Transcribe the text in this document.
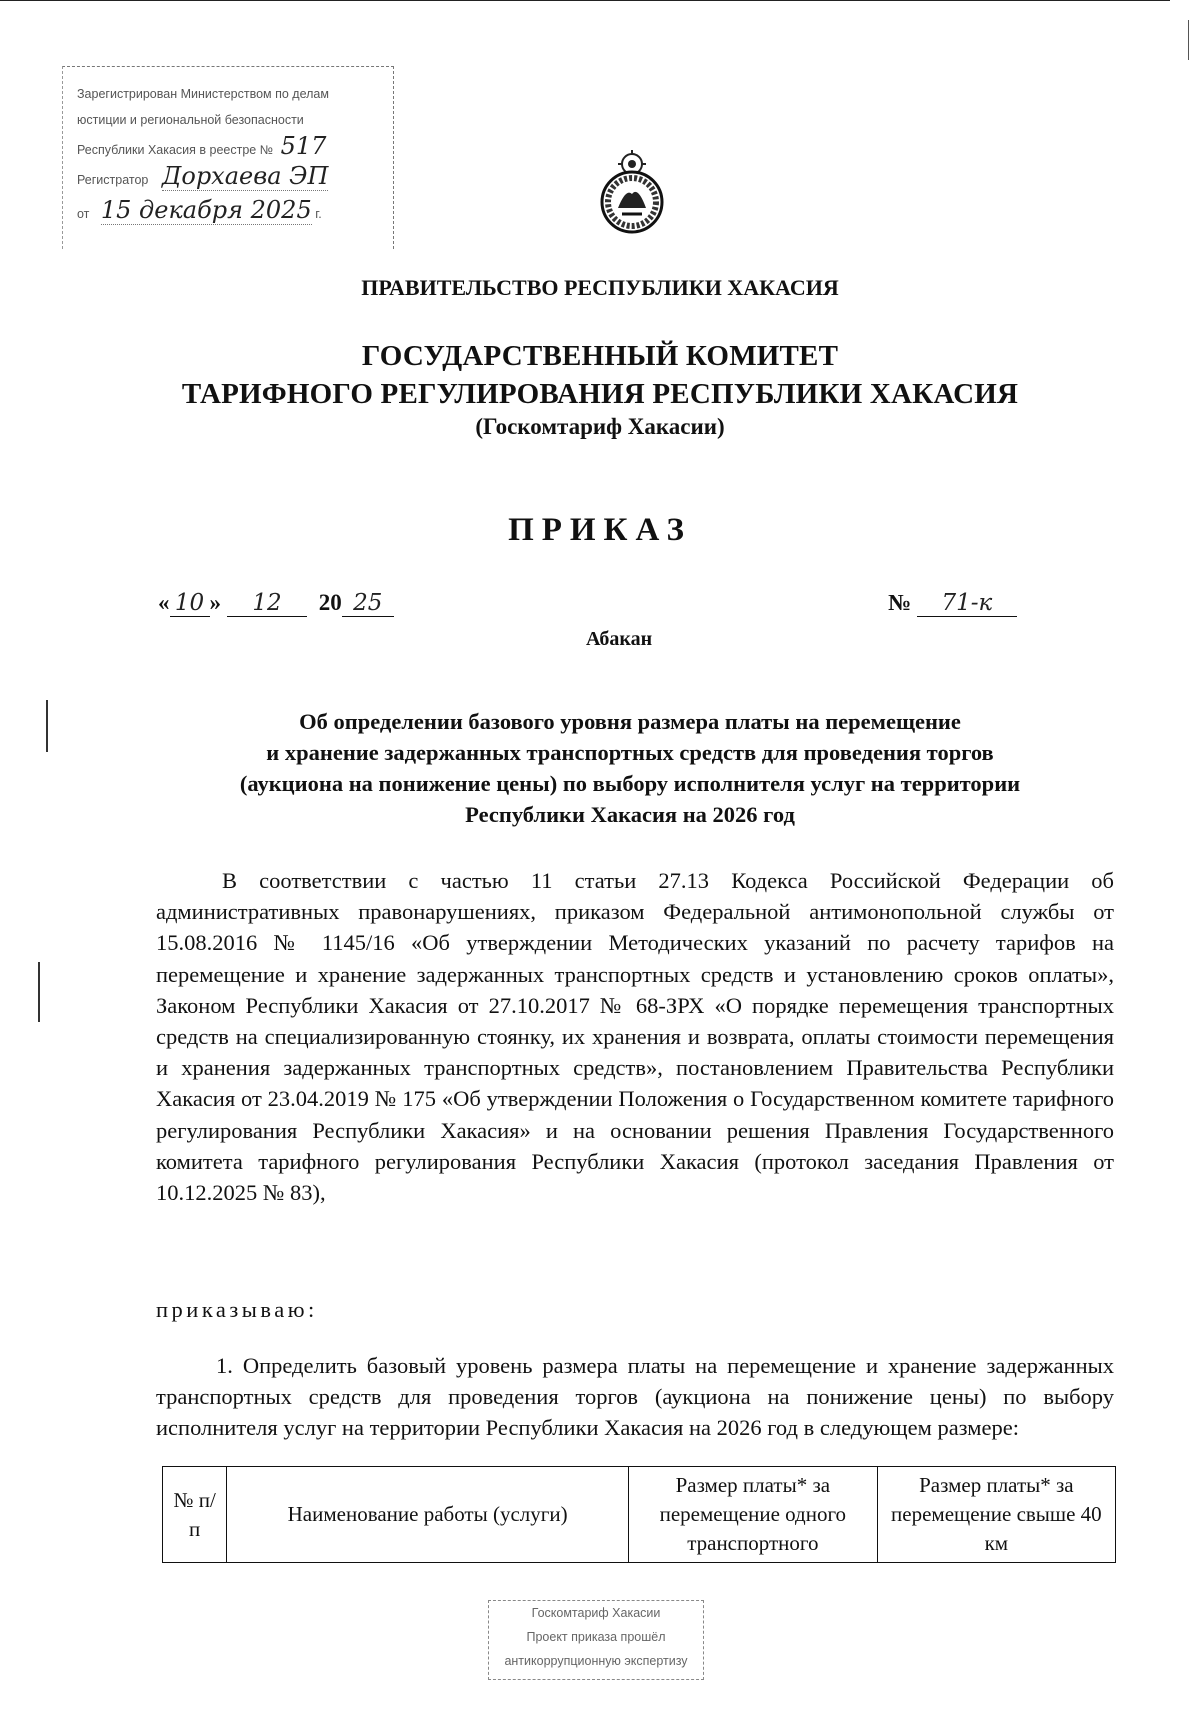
Зарегистрирован Министерством по делам
юстиции и региональной безопасности
Республики Хакасия в реестре № 517
Регистратор Дорхаева ЭП
от 15 декабря 2025 г.
ПРАВИТЕЛЬСТВО РЕСПУБЛИКИ ХАКАСИЯ
ГОСУДАРСТВЕННЫЙ КОМИТЕТ
ТАРИФНОГО РЕГУЛИРОВАНИЯ РЕСПУБЛИКИ ХАКАСИЯ
(Госкомтариф Хакасии)
ПРИКАЗ
« 10 » 12 20 25	№ 71-к
Абакан
Об определении базового уровня размера платы на перемещение
и хранение задержанных транспортных средств для проведения торгов
(аукциона на понижение цены) по выбору исполнителя услуг на территории
Республики Хакасия на 2026 год
В соответствии с частью 11 статьи 27.13 Кодекса Российской Федерации об административных правонарушениях, приказом Федеральной антимонопольной службы от 15.08.2016 № 1145/16 «Об утверждении Методических указаний по расчету тарифов на перемещение и хранение задержанных транспортных средств и установлению сроков оплаты», Законом Республики Хакасия от 27.10.2017 № 68-ЗРХ «О порядке перемещения транспортных средств на специализированную стоянку, их хранения и возврата, оплаты стоимости перемещения и хранения задержанных транспортных средств», постановлением Правительства Республики Хакасия от 23.04.2019 № 175 «Об утверждении Положения о Государственном комитете тарифного регулирования Республики Хакасия» и на основании решения Правления Государственного комитета тарифного регулирования Республики Хакасия (протокол заседания Правления от 10.12.2025 № 83),
приказываю:
1. Определить базовый уровень размера платы на перемещение и хранение задержанных транспортных средств для проведения торгов (аукциона на понижение цены) по выбору исполнителя услуг на территории Республики Хакасия на 2026 год в следующем размере:
№ п/п	Наименование работы (услуги)	Размер платы* за перемещение одного транспортного	Размер платы* за перемещение свыше 40 км
Госкомтариф Хакасии
Проект приказа прошёл
антикоррупционную экспертизу
